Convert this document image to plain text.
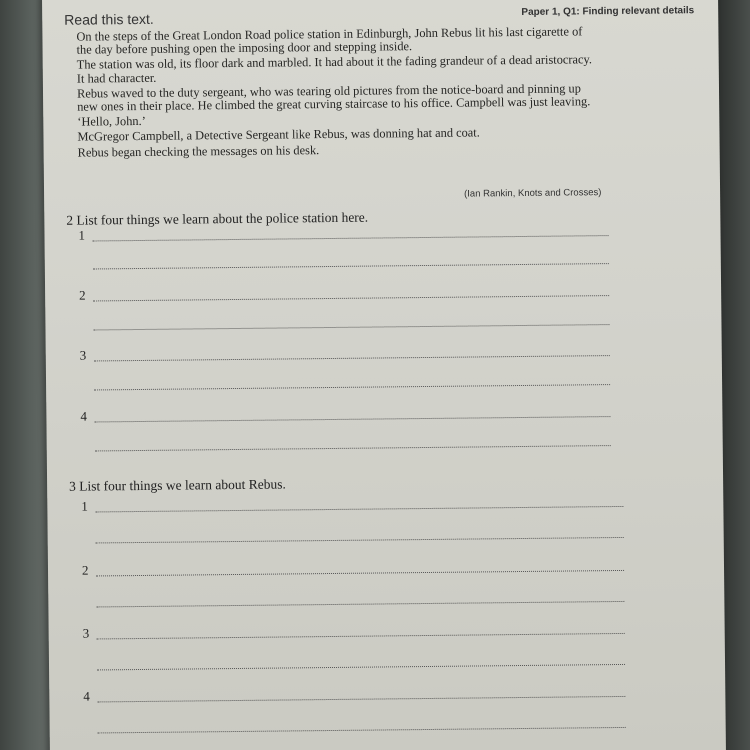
Read this text.	Paper 1, Q1: Finding relevant details

On the steps of the Great London Road police station in Edinburgh, John Rebus lit his last cigarette of the day before pushing open the imposing door and stepping inside.

The station was old, its floor dark and marbled. It had about it the fading grandeur of a dead aristocracy. It had character.

Rebus waved to the duty sergeant, who was tearing old pictures from the notice-board and pinning up new ones in their place. He climbed the great curving staircase to his office. Campbell was just leaving.

‘Hello, John.’

McGregor Campbell, a Detective Sergeant like Rebus, was donning hat and coat.

Rebus began checking the messages on his desk.

(Ian Rankin, Knots and Crosses)
2 List four things we learn about the police station here.
1
2
3
4
3 List four things we learn about Rebus.
1
2
3
4
